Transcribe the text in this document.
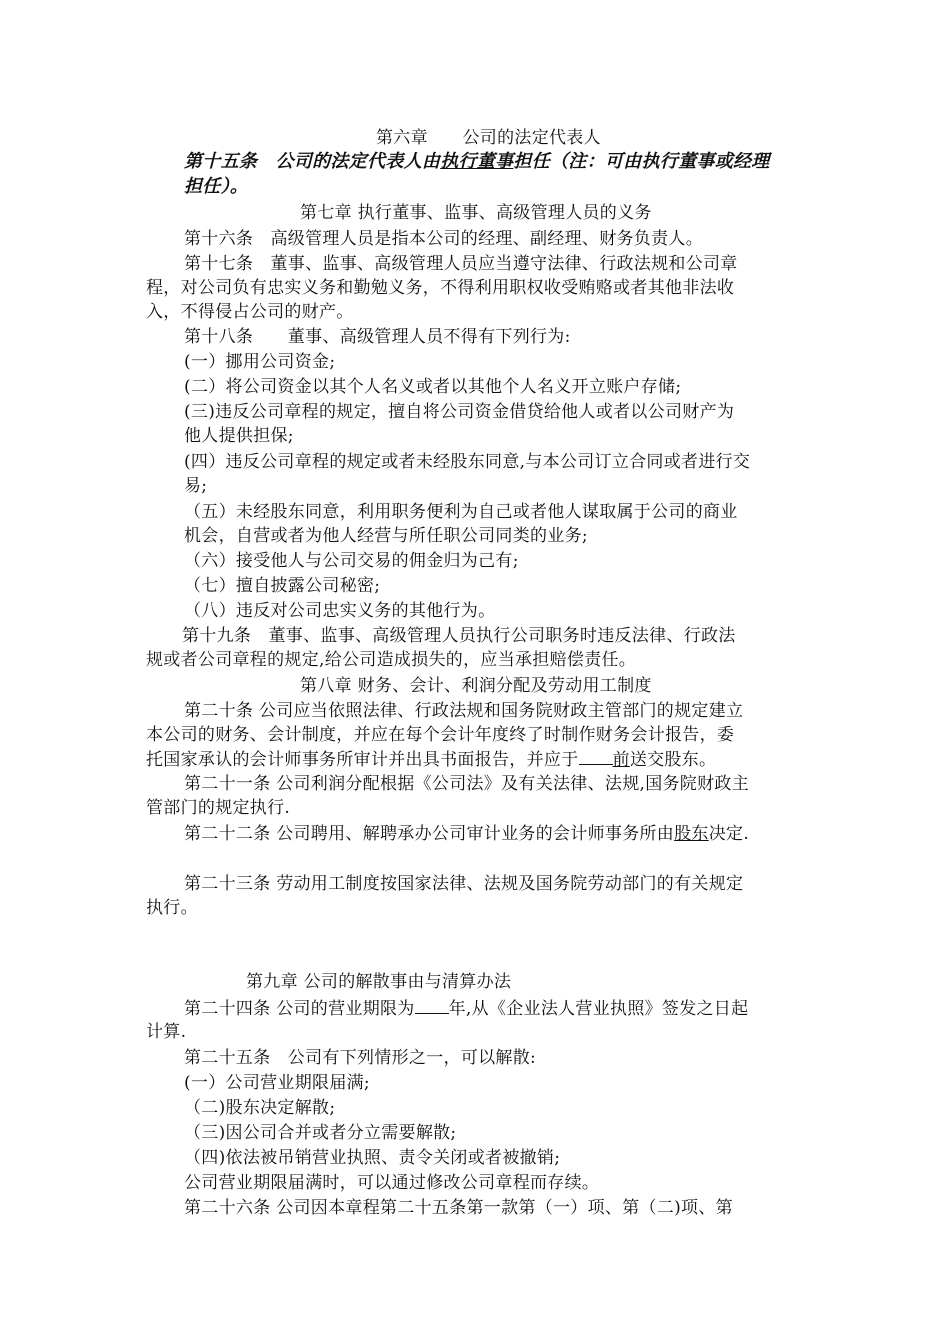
第六章　　公司的法定代表人
第十五条　公司的法定代表人由执行董事担任（注：可由执行董事或经理
担任）。
第七章 执行董事、监事、高级管理人员的义务
第十六条　高级管理人员是指本公司的经理、副经理、财务负责人。
第十七条　董事、监事、高级管理人员应当遵守法律、行政法规和公司章
程，对公司负有忠实义务和勤勉义务，不得利用职权收受贿赂或者其他非法收
入，不得侵占公司的财产。
第十八条　　董事、高级管理人员不得有下列行为:
(一）挪用公司资金;
(二）将公司资金以其个人名义或者以其他个人名义开立账户存储;
(三)违反公司章程的规定，擅自将公司资金借贷给他人或者以公司财产为
他人提供担保;
(四）违反公司章程的规定或者未经股东同意,与本公司订立合同或者进行交
易;
（五）未经股东同意，利用职务便利为自己或者他人谋取属于公司的商业
机会，自营或者为他人经营与所任职公司同类的业务;
（六）接受他人与公司交易的佣金归为己有;
（七）擅自披露公司秘密;
（八）违反对公司忠实义务的其他行为。
第十九条　董事、监事、高级管理人员执行公司职务时违反法律、行政法
规或者公司章程的规定,给公司造成损失的，应当承担赔偿责任。
第八章 财务、会计、利润分配及劳动用工制度
第二十条 公司应当依照法律、行政法规和国务院财政主管部门的规定建立
本公司的财务、会计制度，并应在每个会计年度终了时制作财务会计报告，委
托国家承认的会计师事务所审计并出具书面报告，并应于 前送交股东。
第二十一条 公司利润分配根据《公司法》及有关法律、法规,国务院财政主
管部门的规定执行.
第二十二条 公司聘用、解聘承办公司审计业务的会计师事务所由股东决定.
第二十三条 劳动用工制度按国家法律、法规及国务院劳动部门的有关规定
执行。
第九章 公司的解散事由与清算办法
第二十四条 公司的营业期限为 年,从《企业法人营业执照》签发之日起
计算.
第二十五条　公司有下列情形之一，可以解散:
(一）公司营业期限届满;
（二)股东决定解散;
（三)因公司合并或者分立需要解散;
（四)依法被吊销营业执照、责令关闭或者被撤销;
公司营业期限届满时，可以通过修改公司章程而存续。
第二十六条 公司因本章程第二十五条第一款第（一）项、第（二)项、第
